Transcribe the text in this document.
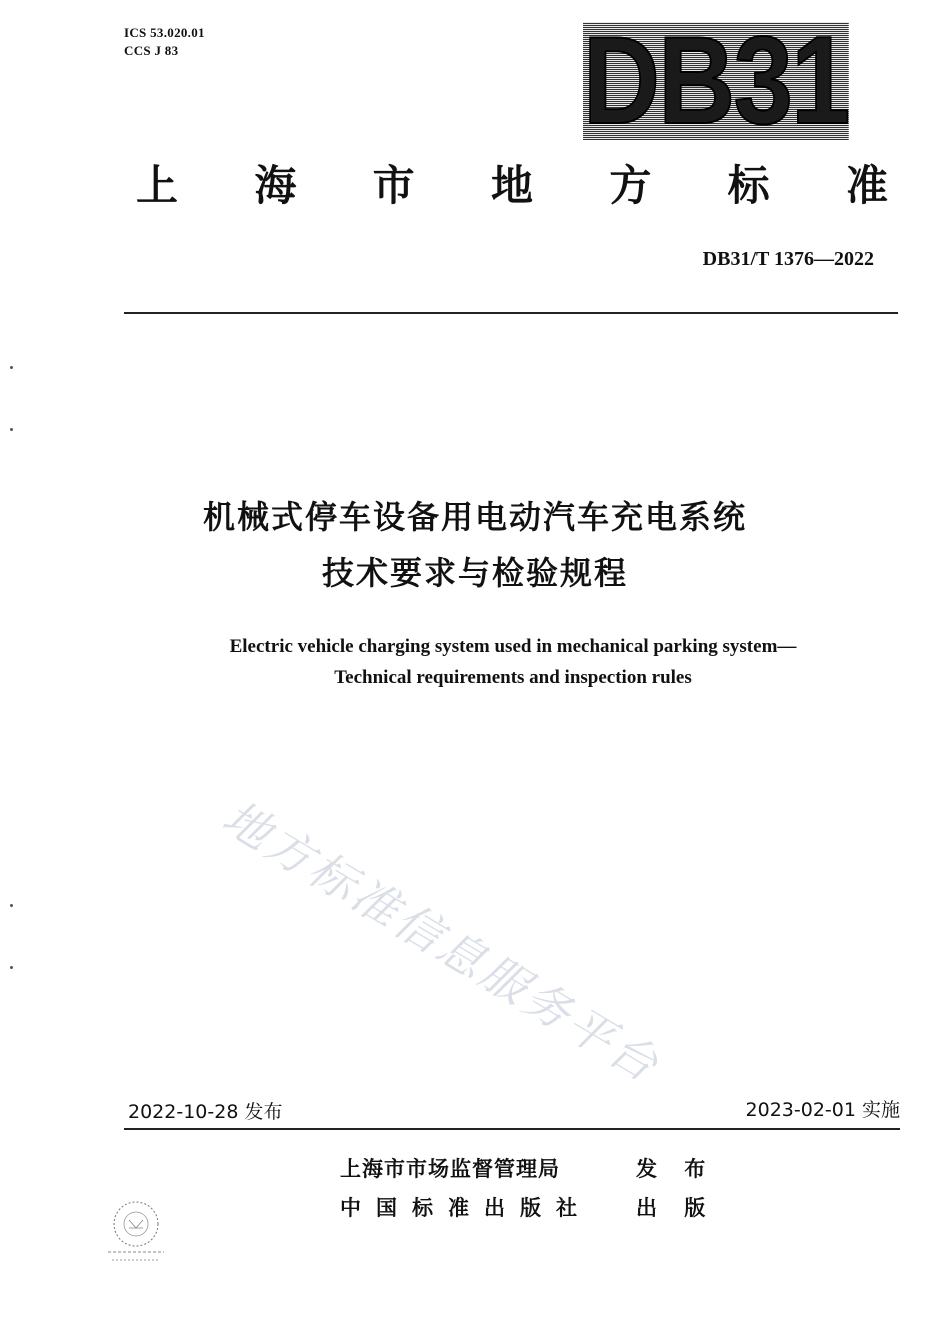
ICS 53.020.01
CCS J 83	DB31
上 海 市 地 方 标 准
DB31/T 1376—2022
机械式停车设备用电动汽车充电系统
技术要求与检验规程
Electric vehicle charging system used in mechanical parking system—
Technical requirements and inspection rules
地方标准信息服务平台
2022-10-28 发布	2023-02-01 实施
上海市市场监督管理局	发 布
中国标准出版社	出 版
